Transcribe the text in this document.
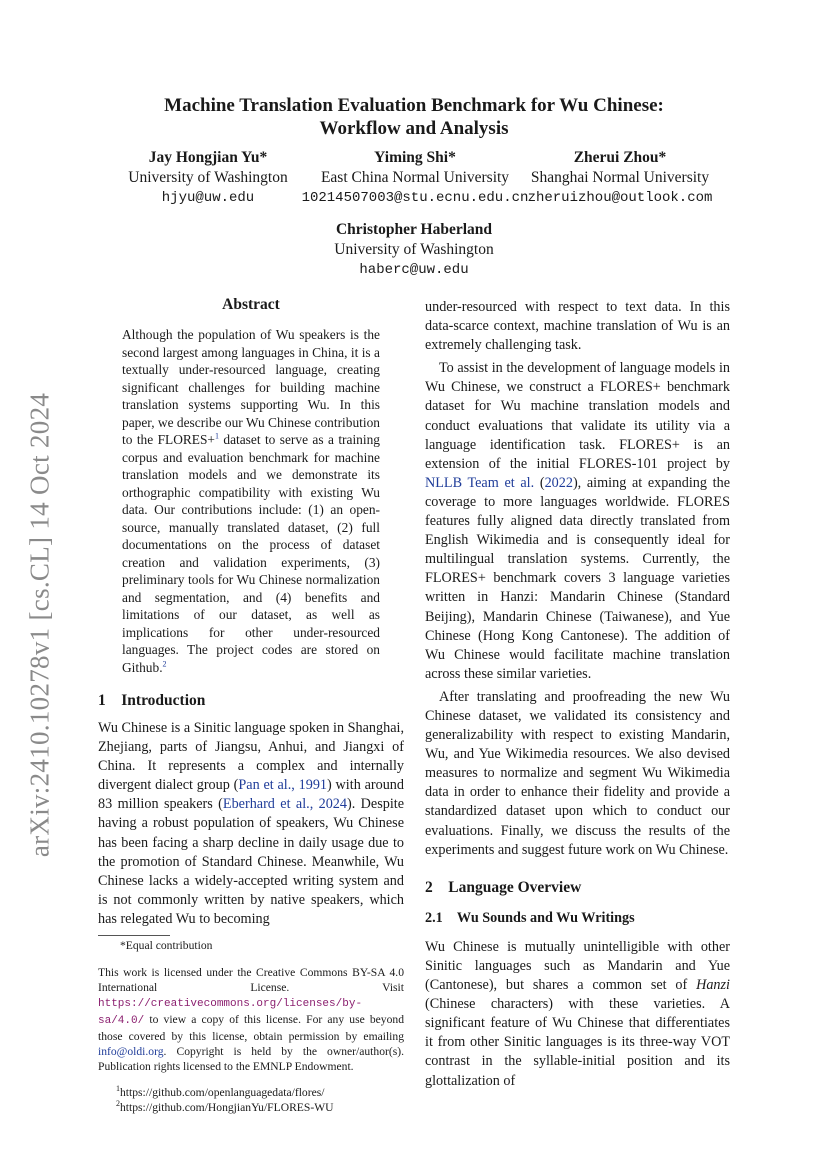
arXiv:2410.10278v1 [cs.CL] 14 Oct 2024
Machine Translation Evaluation Benchmark for Wu Chinese:
Workflow and Analysis
Jay Hongjian Yu*
University of Washington
hjyu@uw.edu
Yiming Shi*
East China Normal University
10214507003@stu.ecnu.edu.cn
Zherui Zhou*
Shanghai Normal University
zheruizhou@outlook.com
Christopher Haberland
University of Washington
haberc@uw.edu
Abstract
Although the population of Wu speakers is the second largest among languages in China, it is a textually under-resourced language, creating significant challenges for building machine translation systems supporting Wu. In this paper, we describe our Wu Chinese contribution to the FLORES+$^1$ dataset to serve as a training corpus and evaluation benchmark for machine translation models and we demonstrate its orthographic compatibility with existing Wu data. Our contributions include: (1) an open-source, manually translated dataset, (2) full documentations on the process of dataset creation and validation experiments, (3) preliminary tools for Wu Chinese normalization and segmentation, and (4) benefits and limitations of our dataset, as well as implications for other under-resourced languages. The project codes are stored on Github.$^2$
1 Introduction

Wu Chinese is a Sinitic language spoken in Shanghai, Zhejiang, parts of Jiangsu, Anhui, and Jiangxi of China. It represents a complex and internally divergent dialect group (Pan et al., 1991) with around 83 million speakers (Eberhard et al., 2024). Despite having a robust population of speakers, Wu Chinese has been facing a sharp decline in daily usage due to the promotion of Standard Chinese. Meanwhile, Wu Chinese lacks a widely-accepted writing system and is not commonly written by native speakers, which has relegated Wu to becoming

*Equal contribution
This work is licensed under the Creative Commons BY-SA 4.0 International License. Visit https://creativecommons.org/licenses/by-sa/4.0/ to view a copy of this license. For any use beyond those covered by this license, obtain permission by emailing info@oldi.org. Copyright is held by the owner/author(s). Publication rights licensed to the EMNLP Endowment.
$^1$https://github.com/openlanguagedata/flores/
$^2$https://github.com/HongjianYu/FLORES-WU

under-resourced with respect to text data. In this data-scarce context, machine translation of Wu is an extremely challenging task.

To assist in the development of language models in Wu Chinese, we construct a FLORES+ benchmark dataset for Wu machine translation models and conduct evaluations that validate its utility via a language identification task. FLORES+ is an extension of the initial FLORES-101 project by NLLB Team et al. (2022), aiming at expanding the coverage to more languages worldwide. FLORES features fully aligned data directly translated from English Wikimedia and is consequently ideal for multilingual translation systems. Currently, the FLORES+ benchmark covers 3 language varieties written in Hanzi: Mandarin Chinese (Standard Beijing), Mandarin Chinese (Taiwanese), and Yue Chinese (Hong Kong Cantonese). The addition of Wu Chinese would facilitate machine translation across these similar varieties.

After translating and proofreading the new Wu Chinese dataset, we validated its consistency and generalizability with respect to existing Mandarin, Wu, and Yue Wikimedia resources. We also devised measures to normalize and segment Wu Wikimedia data in order to enhance their fidelity and provide a standardized dataset upon which to conduct our evaluations. Finally, we discuss the results of the experiments and suggest future work on Wu Chinese.

2 Language Overview
2.1 Wu Sounds and Wu Writings

Wu Chinese is mutually unintelligible with other Sinitic languages such as Mandarin and Yue (Cantonese), but shares a common set of Hanzi (Chinese characters) with these varieties. A significant feature of Wu Chinese that differentiates it from other Sinitic languages is its three-way VOT contrast in the syllable-initial position and its glottalization of
